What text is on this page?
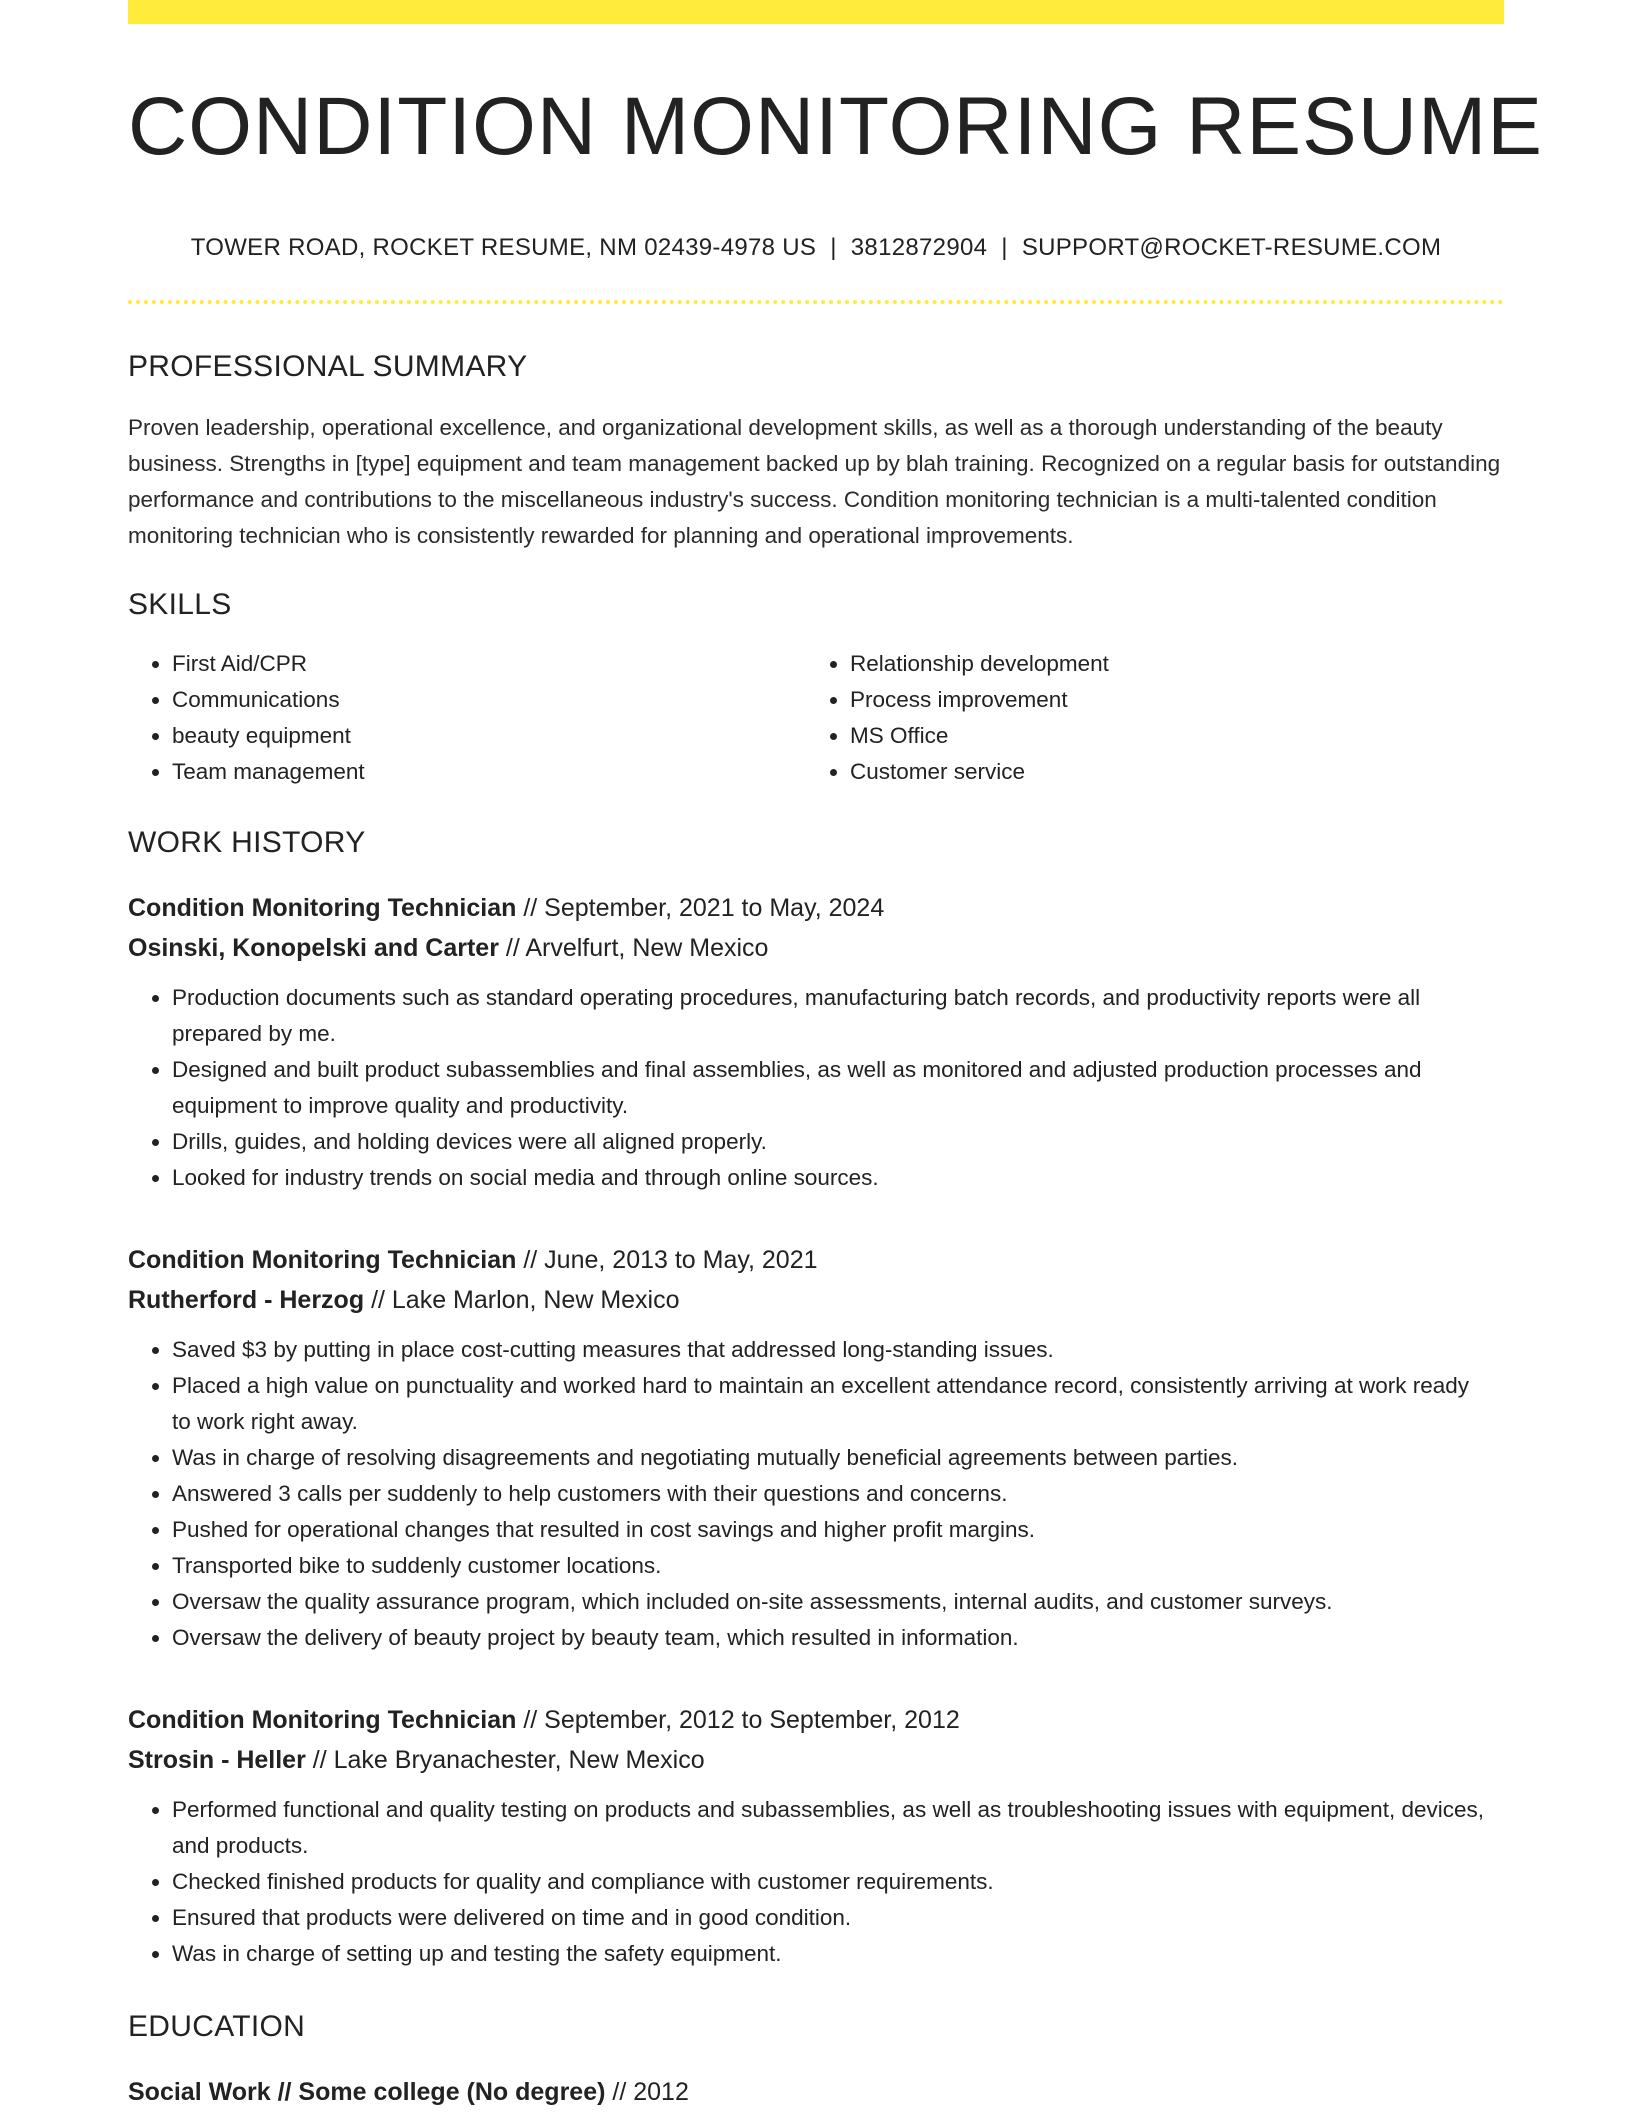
CONDITION MONITORING RESUME
TOWER ROAD, ROCKET RESUME, NM 02439-4978 US | 3812872904 | SUPPORT@ROCKET-RESUME.COM
PROFESSIONAL SUMMARY

Proven leadership, operational excellence, and organizational development skills, as well as a thorough understanding of the beauty business. Strengths in [type] equipment and team management backed up by blah training. Recognized on a regular basis for outstanding performance and contributions to the miscellaneous industry's success. Condition monitoring technician is a multi-talented condition monitoring technician who is consistently rewarded for planning and operational improvements.

SKILLS
• First Aid/CPR
• Communications
• beauty equipment
• Team management
• Relationship development
• Process improvement
• MS Office
• Customer service
WORK HISTORY
Condition Monitoring Technician // September, 2021 to May, 2024
Osinski, Konopelski and Carter // Arvelfurt, New Mexico
• Production documents such as standard operating procedures, manufacturing batch records, and productivity reports were all prepared by me.
• Designed and built product subassemblies and final assemblies, as well as monitored and adjusted production processes and equipment to improve quality and productivity.
• Drills, guides, and holding devices were all aligned properly.
• Looked for industry trends on social media and through online sources.
Condition Monitoring Technician // June, 2013 to May, 2021
Rutherford - Herzog // Lake Marlon, New Mexico
• Saved $3 by putting in place cost-cutting measures that addressed long-standing issues.
• Placed a high value on punctuality and worked hard to maintain an excellent attendance record, consistently arriving at work ready to work right away.
• Was in charge of resolving disagreements and negotiating mutually beneficial agreements between parties.
• Answered 3 calls per suddenly to help customers with their questions and concerns.
• Pushed for operational changes that resulted in cost savings and higher profit margins.
• Transported bike to suddenly customer locations.
• Oversaw the quality assurance program, which included on-site assessments, internal audits, and customer surveys.
• Oversaw the delivery of beauty project by beauty team, which resulted in information.
Condition Monitoring Technician // September, 2012 to September, 2012
Strosin - Heller // Lake Bryanachester, New Mexico
• Performed functional and quality testing on products and subassemblies, as well as troubleshooting issues with equipment, devices, and products.
• Checked finished products for quality and compliance with customer requirements.
• Ensured that products were delivered on time and in good condition.
• Was in charge of setting up and testing the safety equipment.
EDUCATION
Social Work // Some college (No degree) // 2012
